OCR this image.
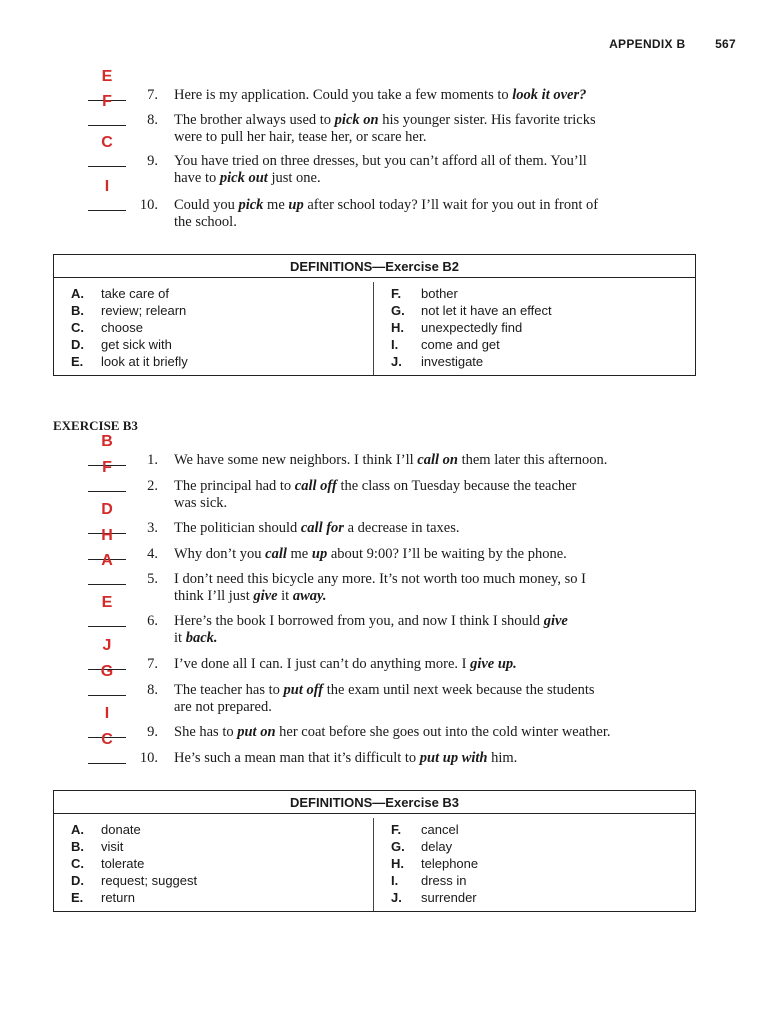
APPENDIX B 567
E
7. Here is my application. Could you take a few moments to look it over?
F
8. The brother always used to pick on his younger sister. His favorite tricks
were to pull her hair, tease her, or scare her.
C
9. You have tried on three dresses, but you can’t afford all of them. You’ll
have to pick out just one.
I
10. Could you pick me up after school today? I’ll wait for you out in front of
the school.
DEFINITIONS—Exercise B2
A.	take care of
B.	review; relearn
C.	choose
D.	get sick with
E.	look at it briefly
F.	bother
G.	not let it have an effect
H.	unexpectedly find
I.	come and get
J.	investigate
EXERCISE B3
B
1. We have some new neighbors. I think I’ll call on them later this afternoon.
F
2. The principal had to call off the class on Tuesday because the teacher
was sick.
D
3. The politician should call for a decrease in taxes.
H
4. Why don’t you call me up about 9:00? I’ll be waiting by the phone.
A
5. I don’t need this bicycle any more. It’s not worth too much money, so I
think I’ll just give it away.
E
6. Here’s the book I borrowed from you, and now I think I should give
it back.
J
7. I’ve done all I can. I just can’t do anything more. I give up.
G
8. The teacher has to put off the exam until next week because the students
are not prepared.
I
9. She has to put on her coat before she goes out into the cold winter weather.
C
10. He’s such a mean man that it’s difficult to put up with him.
DEFINITIONS—Exercise B3
A.	donate
B.	visit
C.	tolerate
D.	request; suggest
E.	return
F.	cancel
G.	delay
H.	telephone
I.	dress in
J.	surrender
